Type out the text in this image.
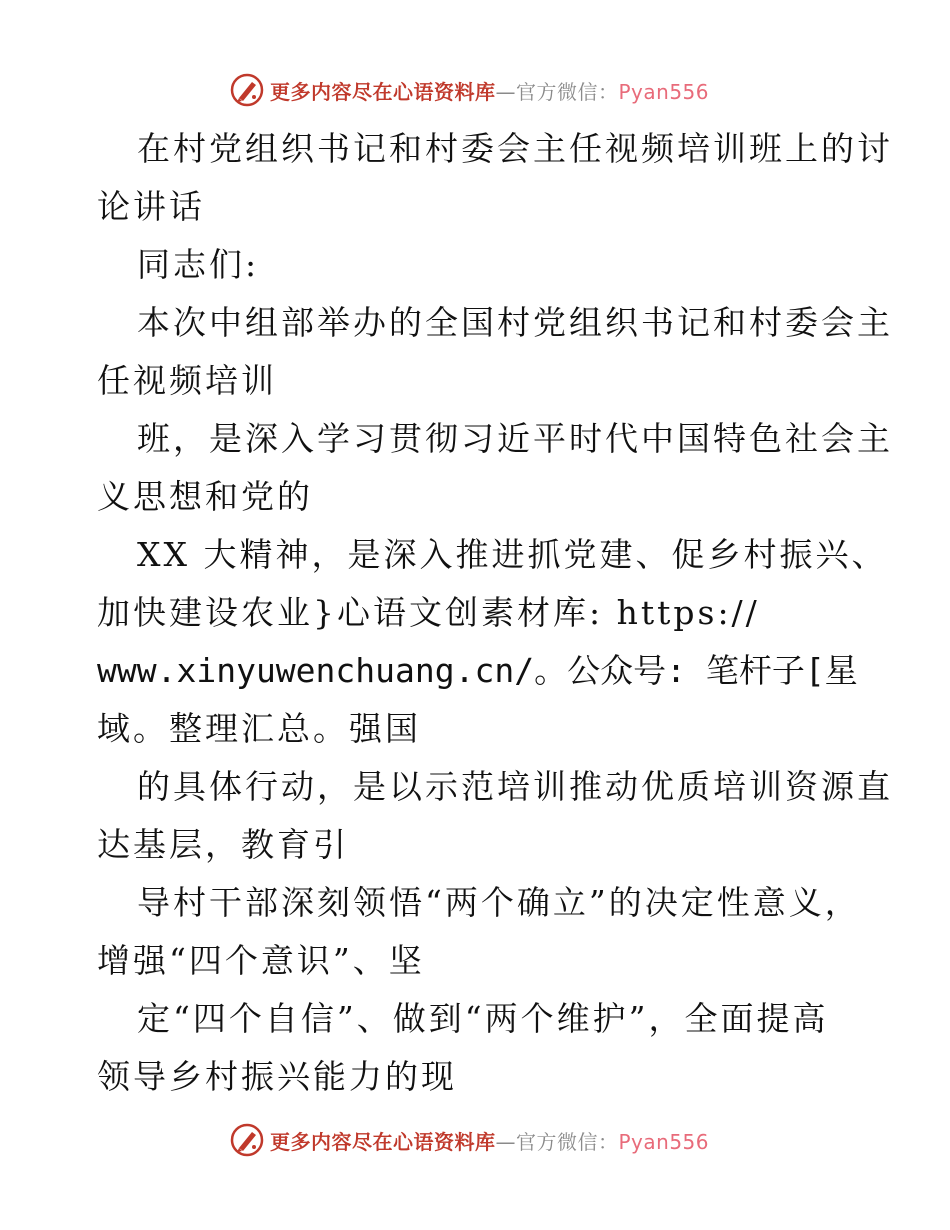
更多内容尽在心语资料库—官方微信：Pyan556
在村党组织书记和村委会主任视频培训班上的讨
论讲话
同志们:
本次中组部举办的全国村党组织书记和村委会主
任视频培训
班，是深入学习贯彻习近平时代中国特色社会主
义思想和党的
XX 大精神，是深入推进抓党建、促乡村振兴、
加快建设农业}心语文创素材库: https://
www.xinyuwenchuang.cn/。公众号: 笔杆子[星
域。整理汇总。强国
的具体行动，是以示范培训推动优质培训资源直
达基层，教育引
导村干部深刻领悟“两个确立”的决定性意义，
增强“四个意识”、坚
定“四个自信”、做到“两个维护”，全面提高
领导乡村振兴能力的现
更多内容尽在心语资料库—官方微信：Pyan556
